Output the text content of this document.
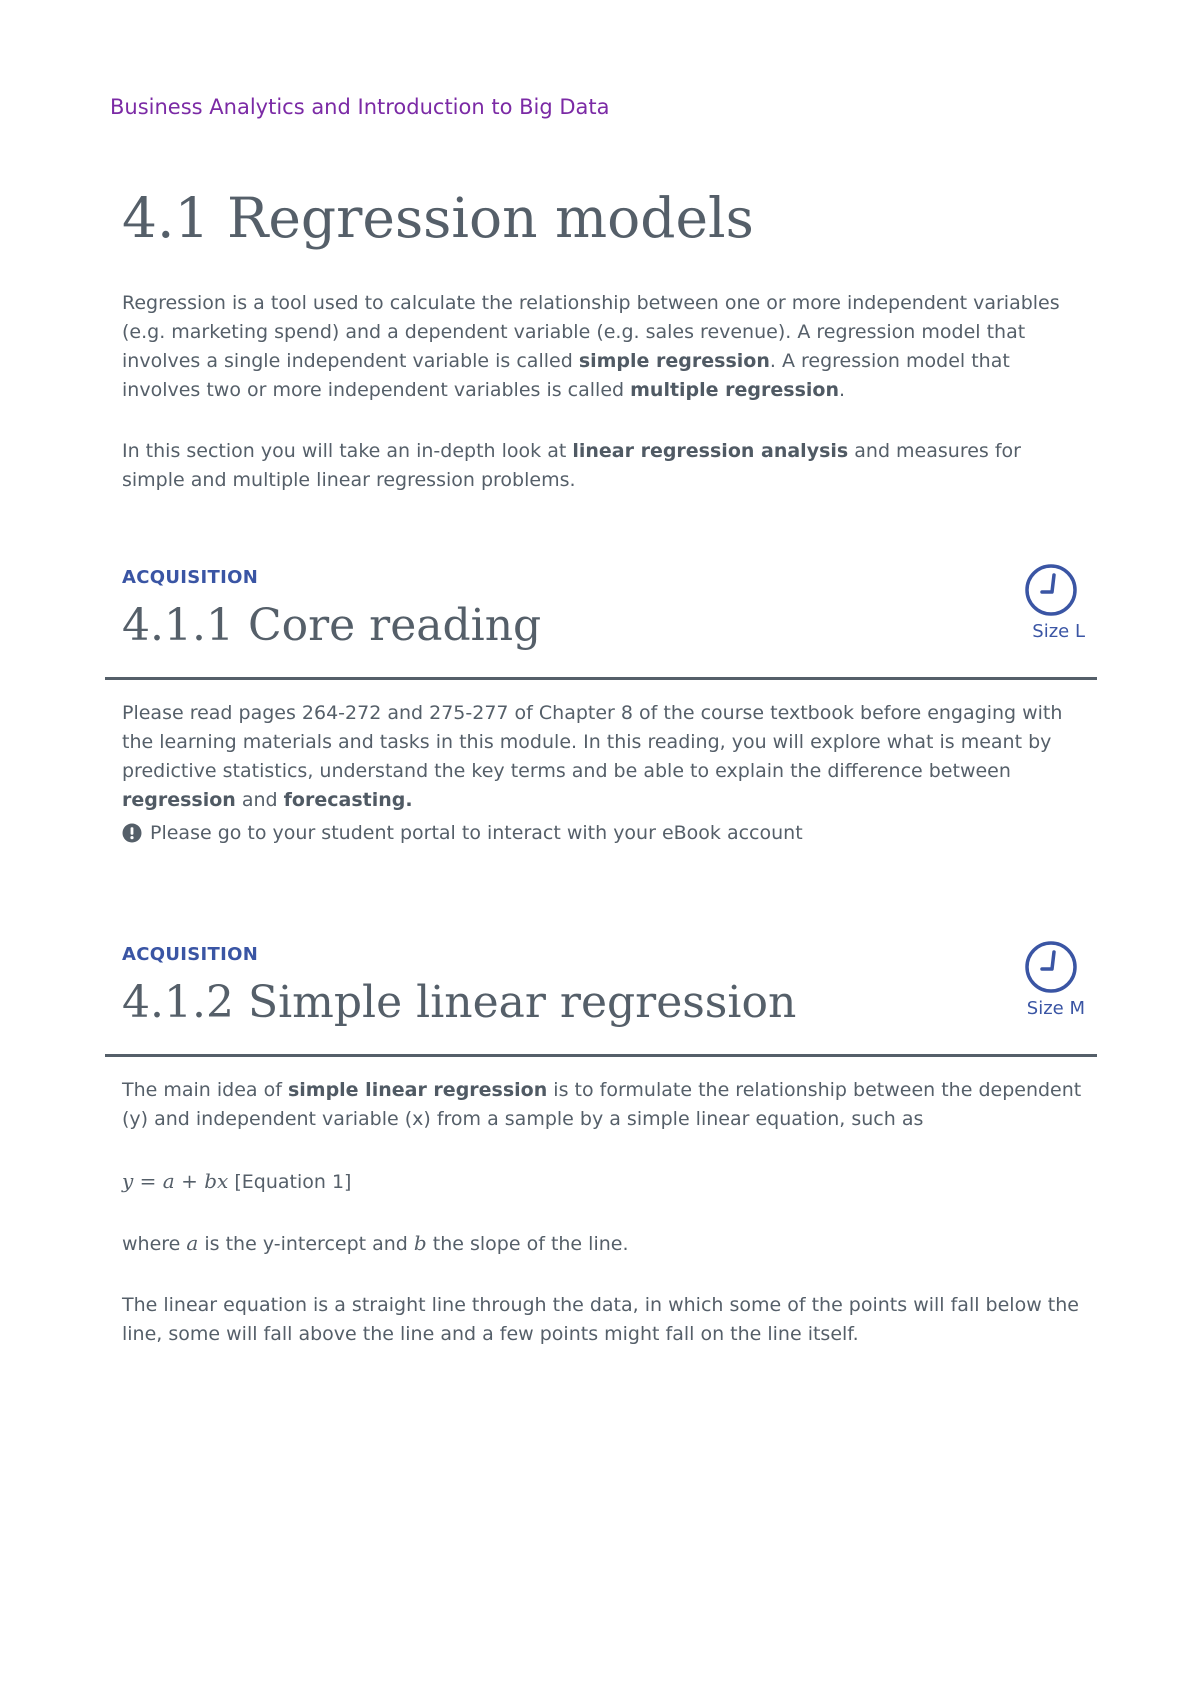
Business Analytics and Introduction to Big Data
4.1 Regression models

Regression is a tool used to calculate the relationship between one or more independent variables (e.g. marketing spend) and a dependent variable (e.g. sales revenue). A regression model that involves a single independent variable is called simple regression. A regression model that involves two or more independent variables is called multiple regression.

In this section you will take an in-depth look at linear regression analysis and measures for simple and multiple linear regression problems.

ACQUISITION
4.1.1 Core reading	Size L

Please read pages 264-272 and 275-277 of Chapter 8 of the course textbook before engaging with the learning materials and tasks in this module. In this reading, you will explore what is meant by predictive statistics, understand the key terms and be able to explain the difference between regression and forecasting.

Please go to your student portal to interact with your eBook account
ACQUISITION
4.1.2 Simple linear regression	Size M

The main idea of simple linear regression is to formulate the relationship between the dependent (y) and independent variable (x) from a sample by a simple linear equation, such as

y = a + bx [Equation 1]

where a is the y-intercept and b the slope of the line.

The linear equation is a straight line through the data, in which some of the points will fall below the line, some will fall above the line and a few points might fall on the line itself.
